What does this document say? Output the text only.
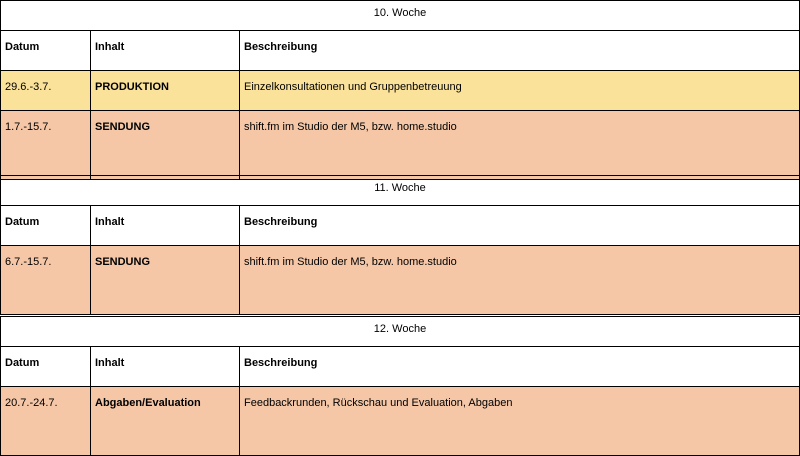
10. Woche		
Datum	Inhalt	Beschreibung
29.6.-3.7.	PRODUKTION	Einzelkonsultationen und Gruppenbetreuung
1.7.-15.7.	SENDUNG	shift.fm im Studio der M5, bzw. home.studio
11. Woche		
Datum	Inhalt	Beschreibung
6.7.-15.7.	SENDUNG	shift.fm im Studio der M5, bzw. home.studio
12. Woche		
Datum	Inhalt	Beschreibung
20.7.-24.7.	Abgaben/Evaluation	Feedbackrunden, Rückschau und Evaluation, Abgaben
